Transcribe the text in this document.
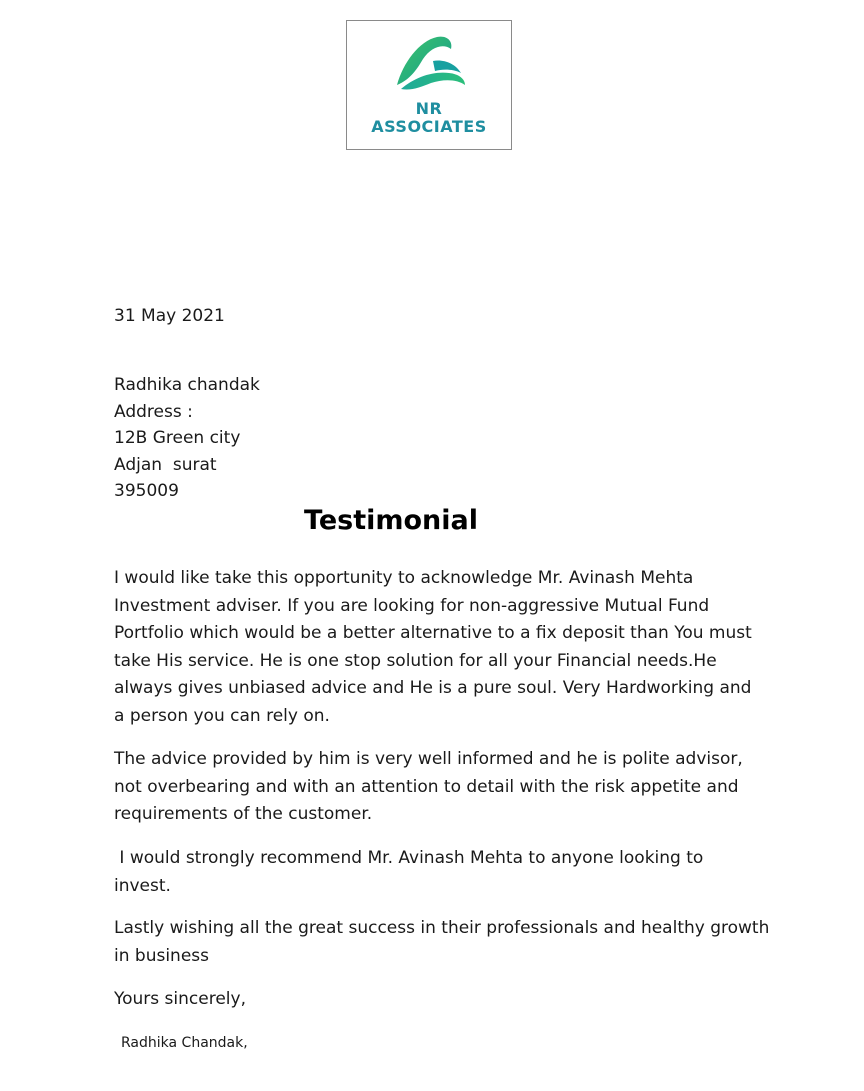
NR
ASSOCIATES
31 May 2021
Radhika chandak
Address :
12B Green city
Adjan  surat
395009
Testimonial

I would like take this opportunity to acknowledge Mr. Avinash Mehta
Investment adviser. If you are looking for non-aggressive Mutual Fund
Portfolio which would be a better alternative to a fix deposit than You must
take His service. He is one stop solution for all your Financial needs.He
always gives unbiased advice and He is a pure soul. Very Hardworking and
a person you can rely on.

The advice provided by him is very well informed and he is polite advisor,
not overbearing and with an attention to detail with the risk appetite and
requirements of the customer.

I would strongly recommend Mr. Avinash Mehta to anyone looking to
invest.

Lastly wishing all the great success in their professionals and healthy growth
in business

Yours sincerely,

Radhika Chandak,
